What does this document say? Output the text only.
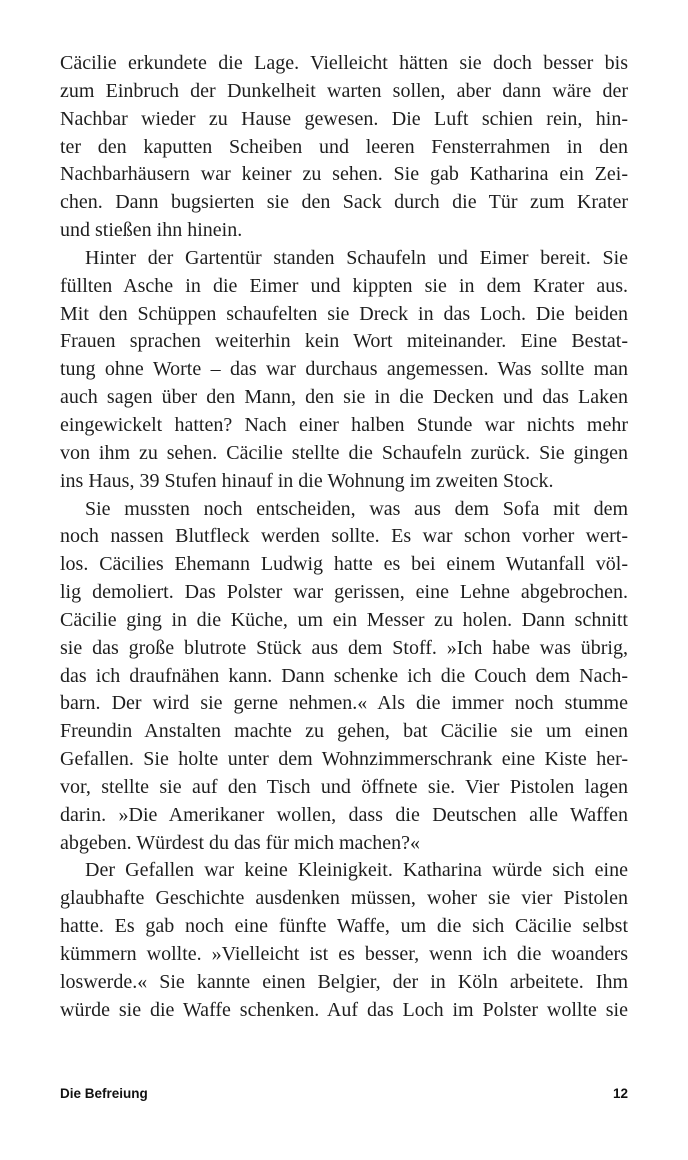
Cäcilie erkundete die Lage. Vielleicht hätten sie doch besser bis
zum Einbruch der Dunkelheit warten sollen, aber dann wäre der
Nachbar wieder zu Hause gewesen. Die Luft schien rein, hin-
ter den kaputten Scheiben und leeren Fensterrahmen in den
Nachbarhäusern war keiner zu sehen. Sie gab Katharina ein Zei-
chen. Dann bugsierten sie den Sack durch die Tür zum Krater
und stießen ihn hinein.
Hinter der Gartentür standen Schaufeln und Eimer bereit. Sie
füllten Asche in die Eimer und kippten sie in dem Krater aus.
Mit den Schüppen schaufelten sie Dreck in das Loch. Die beiden
Frauen sprachen weiterhin kein Wort miteinander. Eine Bestat-
tung ohne Worte – das war durchaus angemessen. Was sollte man
auch sagen über den Mann, den sie in die Decken und das Laken
eingewickelt hatten? Nach einer halben Stunde war nichts mehr
von ihm zu sehen. Cäcilie stellte die Schaufeln zurück. Sie gingen
ins Haus, 39 Stufen hinauf in die Wohnung im zweiten Stock.
Sie mussten noch entscheiden, was aus dem Sofa mit dem
noch nassen Blutfleck werden sollte. Es war schon vorher wert-
los. Cäcilies Ehemann Ludwig hatte es bei einem Wutanfall völ-
lig demoliert. Das Polster war gerissen, eine Lehne abgebrochen.
Cäcilie ging in die Küche, um ein Messer zu holen. Dann schnitt
sie das große blutrote Stück aus dem Stoff. »Ich habe was übrig,
das ich draufnähen kann. Dann schenke ich die Couch dem Nach-
barn. Der wird sie gerne nehmen.« Als die immer noch stumme
Freundin Anstalten machte zu gehen, bat Cäcilie sie um einen
Gefallen. Sie holte unter dem Wohnzimmerschrank eine Kiste her-
vor, stellte sie auf den Tisch und öffnete sie. Vier Pistolen lagen
darin. »Die Amerikaner wollen, dass die Deutschen alle Waffen
abgeben. Würdest du das für mich machen?«
Der Gefallen war keine Kleinigkeit. Katharina würde sich eine
glaubhafte Geschichte ausdenken müssen, woher sie vier Pistolen
hatte. Es gab noch eine fünfte Waffe, um die sich Cäcilie selbst
kümmern wollte. »Vielleicht ist es besser, wenn ich die woanders
loswerde.« Sie kannte einen Belgier, der in Köln arbeitete. Ihm
würde sie die Waffe schenken. Auf das Loch im Polster wollte sie
Die Befreiung	12
